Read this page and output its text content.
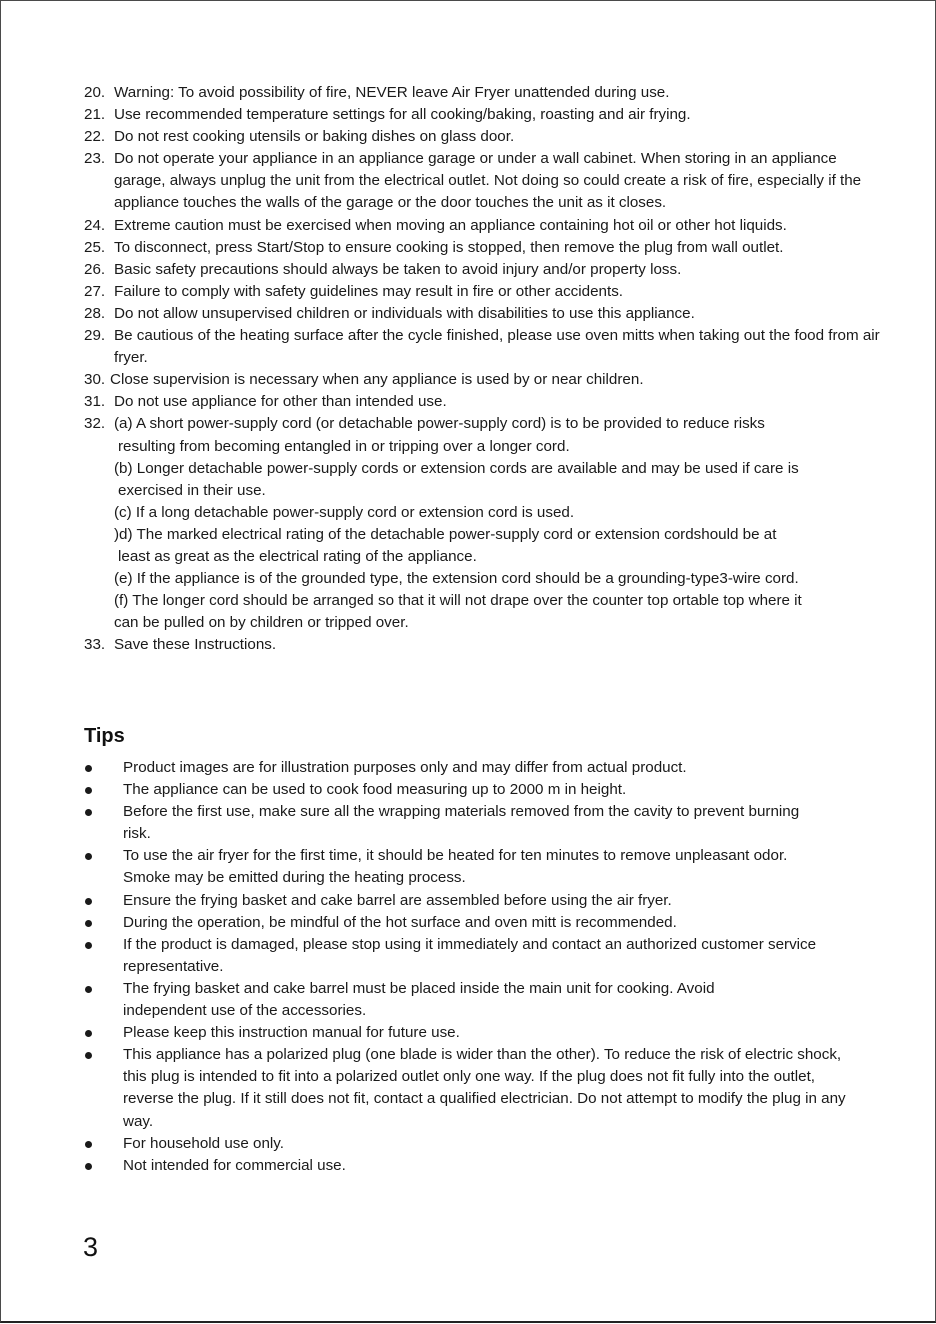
20. Warning: To avoid possibility of fire, NEVER leave Air Fryer unattended during use.
21. Use recommended temperature settings for all cooking/baking, roasting and air frying.
22. Do not rest cooking utensils or baking dishes on glass door.
23. Do not operate your appliance in an appliance garage or under a wall cabinet. When storing in an appliance garage, always unplug the unit from the electrical outlet. Not doing so could create a risk of fire, especially if the appliance touches the walls of the garage or the door touches the unit as it closes.
24. Extreme caution must be exercised when moving an appliance containing hot oil or other hot liquids.
25. To disconnect, press Start/Stop to ensure cooking is stopped, then remove the plug from wall outlet.
26. Basic safety precautions should always be taken to avoid injury and/or property loss.
27. Failure to comply with safety guidelines may result in fire or other accidents.
28. Do not allow unsupervised children or individuals with disabilities to use this appliance.
29. Be cautious of the heating surface after the cycle finished, please use oven mitts when taking out the food from air fryer.
30. Close supervision is necessary when any appliance is used by or near children.
31. Do not use appliance for other than intended use.
32. (a) A short power-supply cord (or detachable power-supply cord) is to be provided to reduce risks
resulting from becoming entangled in or tripping over a longer cord.
(b) Longer detachable power-supply cords or extension cords are available and may be used if care is
exercised in their use.
(c) If a long detachable power-supply cord or extension cord is used.
)d) The marked electrical rating of the detachable power-supply cord or extension cordshould be at
least as great as the electrical rating of the appliance.
(e) If the appliance is of the grounded type, the extension cord should be a grounding-type3-wire cord.
(f) The longer cord should be arranged so that it will not drape over the counter top ortable top where it
can be pulled on by children or tripped over.
33. Save these Instructions.
Tips
Product images are for illustration purposes only and may differ from actual product.
The appliance can be used to cook food measuring up to 2000 m in height.
Before the first use, make sure all the wrapping materials removed from the cavity to prevent burning risk.
To use the air fryer for the first time, it should be heated for ten minutes to remove unpleasant odor. Smoke may be emitted during the heating process.
Ensure the frying basket and cake barrel are assembled before using the air fryer.
During the operation, be mindful of the hot surface and oven mitt is recommended.
If the product is damaged, please stop using it immediately and contact an authorized customer service representative.
The frying basket and cake barrel must be placed inside the main unit for cooking. Avoid independent use of the accessories.
Please keep this instruction manual for future use.
This appliance has a polarized plug (one blade is wider than the other). To reduce the risk of electric shock, this plug is intended to fit into a polarized outlet only one way. If the plug does not fit fully into the outlet, reverse the plug. If it still does not fit, contact a qualified electrician. Do not attempt to modify the plug in any way.
For household use only.
Not intended for commercial use.
3
